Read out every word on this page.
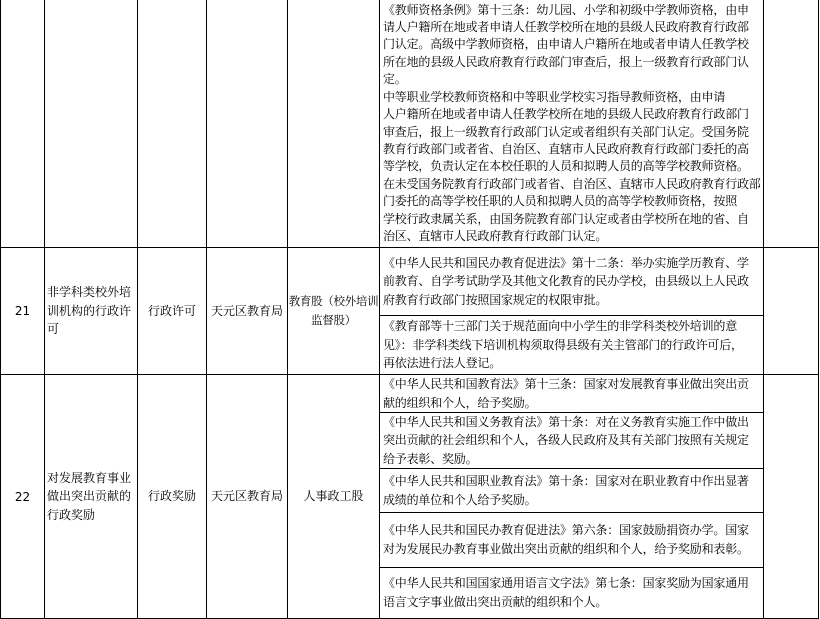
《教师资格条例》第十三条：幼儿园、小学和初级中学教师资格，由申
请人户籍所在地或者申请人任教学校所在地的县级人民政府教育行政部
门认定。高级中学教师资格，由申请人户籍所在地或者申请人任教学校
所在地的县级人民政府教育行政部门审查后，报上一级教育行政部门认
定。
中等职业学校教师资格和中等职业学校实习指导教师资格，由申请
人户籍所在地或者申请人任教学校所在地的县级人民政府教育行政部门
审查后，报上一级教育行政部门认定或者组织有关部门认定。受国务院
教育行政部门或者省、自治区、直辖市人民政府教育行政部门委托的高
等学校，负责认定在本校任职的人员和拟聘人员的高等学校教师资格。
在未受国务院教育行政部门或者省、自治区、直辖市人民政府教育行政部
门委托的高等学校任职的人员和拟聘人员的高等学校教师资格，按照
学校行政隶属关系，由国务院教育部门认定或者由学校所在地的省、自
治区、直辖市人民政府教育行政部门认定。
21
非学科类校外培
训机构的行政许
可
行政许可 天元区教育局
教育股（校外培训
监督股）
《中华人民共和国民办教育促进法》第十二条：举办实施学历教育、学
前教育、自学考试助学及其他文化教育的民办学校，由县级以上人民政
府教育行政部门按照国家规定的权限审批。
《教育部等十三部门关于规范面向中小学生的非学科类校外培训的意
见》：非学科类线下培训机构须取得县级有关主管部门的行政许可后，
再依法进行法人登记。
22
对发展教育事业
做出突出贡献的
行政奖励
行政奖励 天元区教育局 人事政工股
《中华人民共和国教育法》第十三条：国家对发展教育事业做出突出贡
献的组织和个人，给予奖励。
《中华人民共和国义务教育法》第十条：对在义务教育实施工作中做出
突出贡献的社会组织和个人，各级人民政府及其有关部门按照有关规定
给予表彰、奖励。
《中华人民共和国职业教育法》第十条：国家对在职业教育中作出显著
成绩的单位和个人给予奖励。
《中华人民共和国民办教育促进法》第六条：国家鼓励捐资办学。国家
对为发展民办教育事业做出突出贡献的组织和个人，给予奖励和表彰。
《中华人民共和国国家通用语言文字法》第七条：国家奖励为国家通用
语言文字事业做出突出贡献的组织和个人。
